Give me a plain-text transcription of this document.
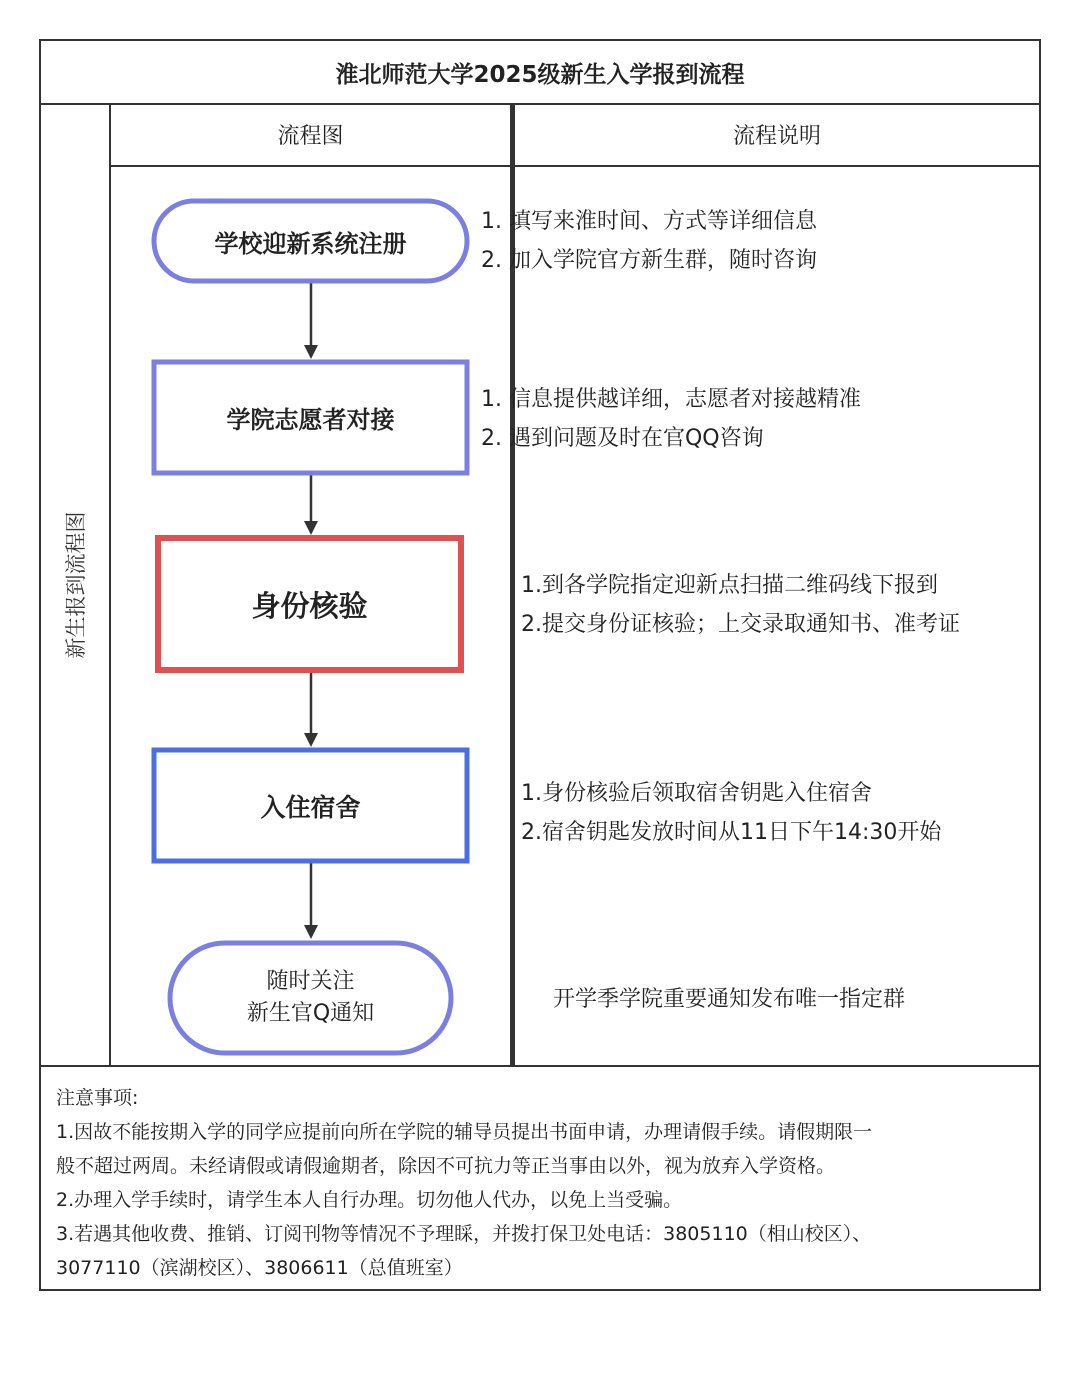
淮北师范大学2025级新生入学报到流程
新生报到流程图
流程图	流程说明
注意事项:
1.因故不能按期入学的同学应提前向所在学院的辅导员提出书面申请，办理请假手续。请假期限一
般不超过两周。未经请假或请假逾期者，除因不可抗力等正当事由以外，视为放弃入学资格。
2.办理入学手续时，请学生本人自行办理。切勿他人代办，以免上当受骗。
3.若遇其他收费、推销、订阅刊物等情况不予理睬，并拨打保卫处电话：3805110（相山校区）、
3077110（滨湖校区）、3806611（总值班室）
学校迎新系统注册
学院志愿者对接
身份核验
入住宿舍
随时关注
新生官Q通知
1. 填写来淮时间、方式等详细信息
2. 加入学院官方新生群，随时咨询
1. 信息提供越详细，志愿者对接越精准
2. 遇到问题及时在官QQ咨询
1.到各学院指定迎新点扫描二维码线下报到
2.提交身份证核验；上交录取通知书、准考证
1.身份核验后领取宿舍钥匙入住宿舍
2.宿舍钥匙发放时间从11日下午14:30开始
开学季学院重要通知发布唯一指定群
